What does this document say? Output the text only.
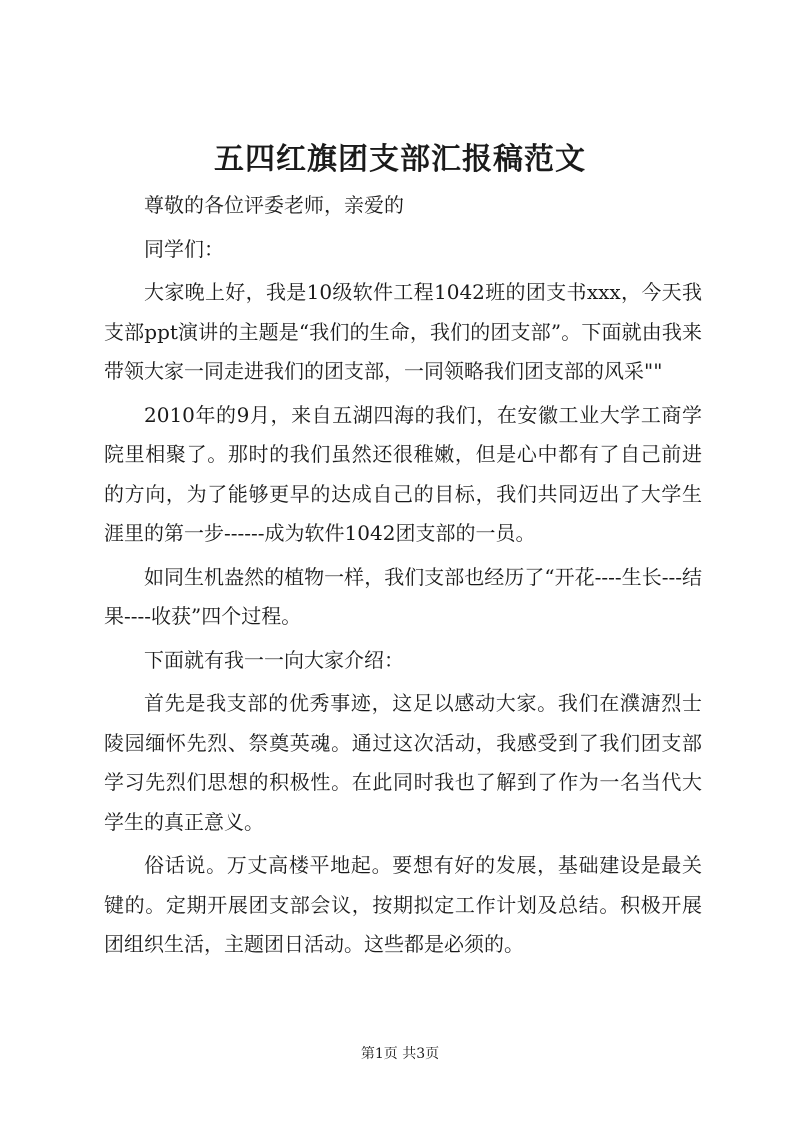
五四红旗团支部汇报稿范文

尊敬的各位评委老师，亲爱的

同学们：

大家晚上好，我是10级软件工程1042班的团支书xxx，今天我支部ppt演讲的主题是“我们的生命，我们的团支部”。下面就由我来带领大家一同走进我们的团支部，一同领略我们团支部的风采""

2010年的9月，来自五湖四海的我们，在安徽工业大学工商学院里相聚了。那时的我们虽然还很稚嫩，但是心中都有了自己前进的方向，为了能够更早的达成自己的目标，我们共同迈出了大学生涯里的第一步------成为软件1042团支部的一员。

如同生机盎然的植物一样，我们支部也经历了“开花----生长---结果----收获”四个过程。

下面就有我一一向大家介绍：

首先是我支部的优秀事迹，这足以感动大家。我们在濮溏烈士陵园缅怀先烈、祭奠英魂。通过这次活动，我感受到了我们团支部学习先烈们思想的积极性。在此同时我也了解到了作为一名当代大学生的真正意义。

俗话说。万丈高楼平地起。要想有好的发展，基础建设是最关键的。定期开展团支部会议，按期拟定工作计划及总结。积极开展团组织生活，主题团日活动。这些都是必须的。

第1页 共3页
